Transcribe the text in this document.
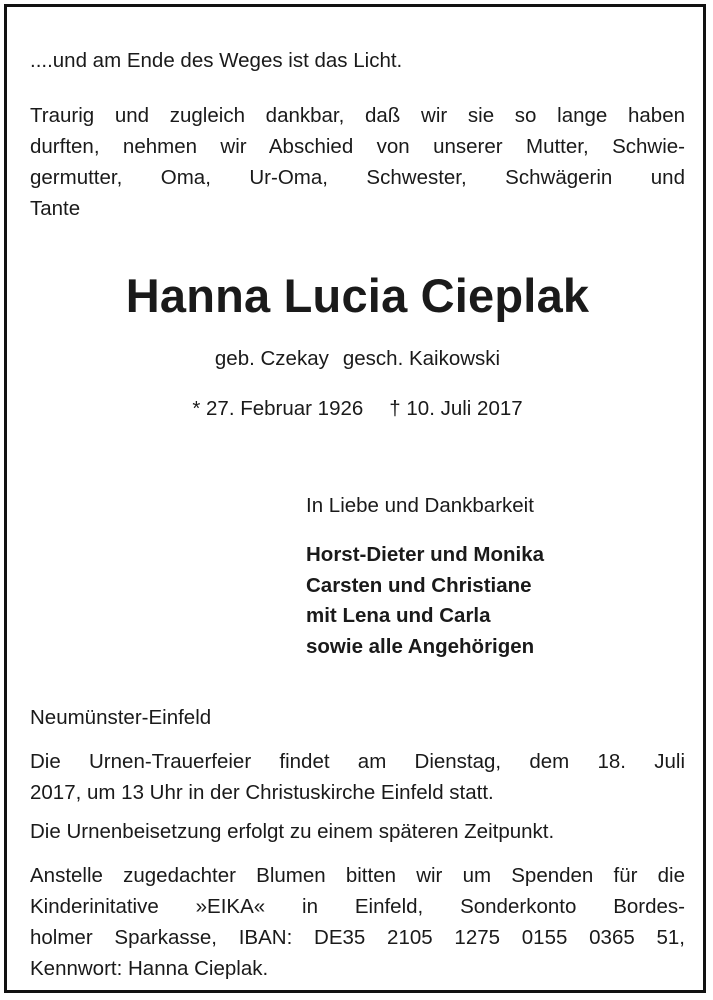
....und am Ende des Weges ist das Licht.

Traurig und zugleich dankbar, daß wir sie so lange haben
durften, nehmen wir Abschied von unserer Mutter, Schwie-
germutter, Oma, Ur-Oma, Schwester, Schwägerin und
Tante
Hanna Lucia Cieplak

geb. Czekay gesch. Kaikowski

* 27. Februar 1926 † 10. Juli 2017

In Liebe und Dankbarkeit

Horst-Dieter und Monika
Carsten und Christiane
mit Lena und Carla
sowie alle Angehörigen

Neumünster-Einfeld

Die Urnen-Trauerfeier findet am Dienstag, dem 18. Juli
2017, um 13 Uhr in der Christuskirche Einfeld statt.

Die Urnenbeisetzung erfolgt zu einem späteren Zeitpunkt.

Anstelle zugedachter Blumen bitten wir um Spenden für die
Kinderinitative »EIKA« in Einfeld, Sonderkonto Bordes-
holmer Sparkasse, IBAN: DE35 2105 1275 0155 0365 51,
Kennwort: Hanna Cieplak.
